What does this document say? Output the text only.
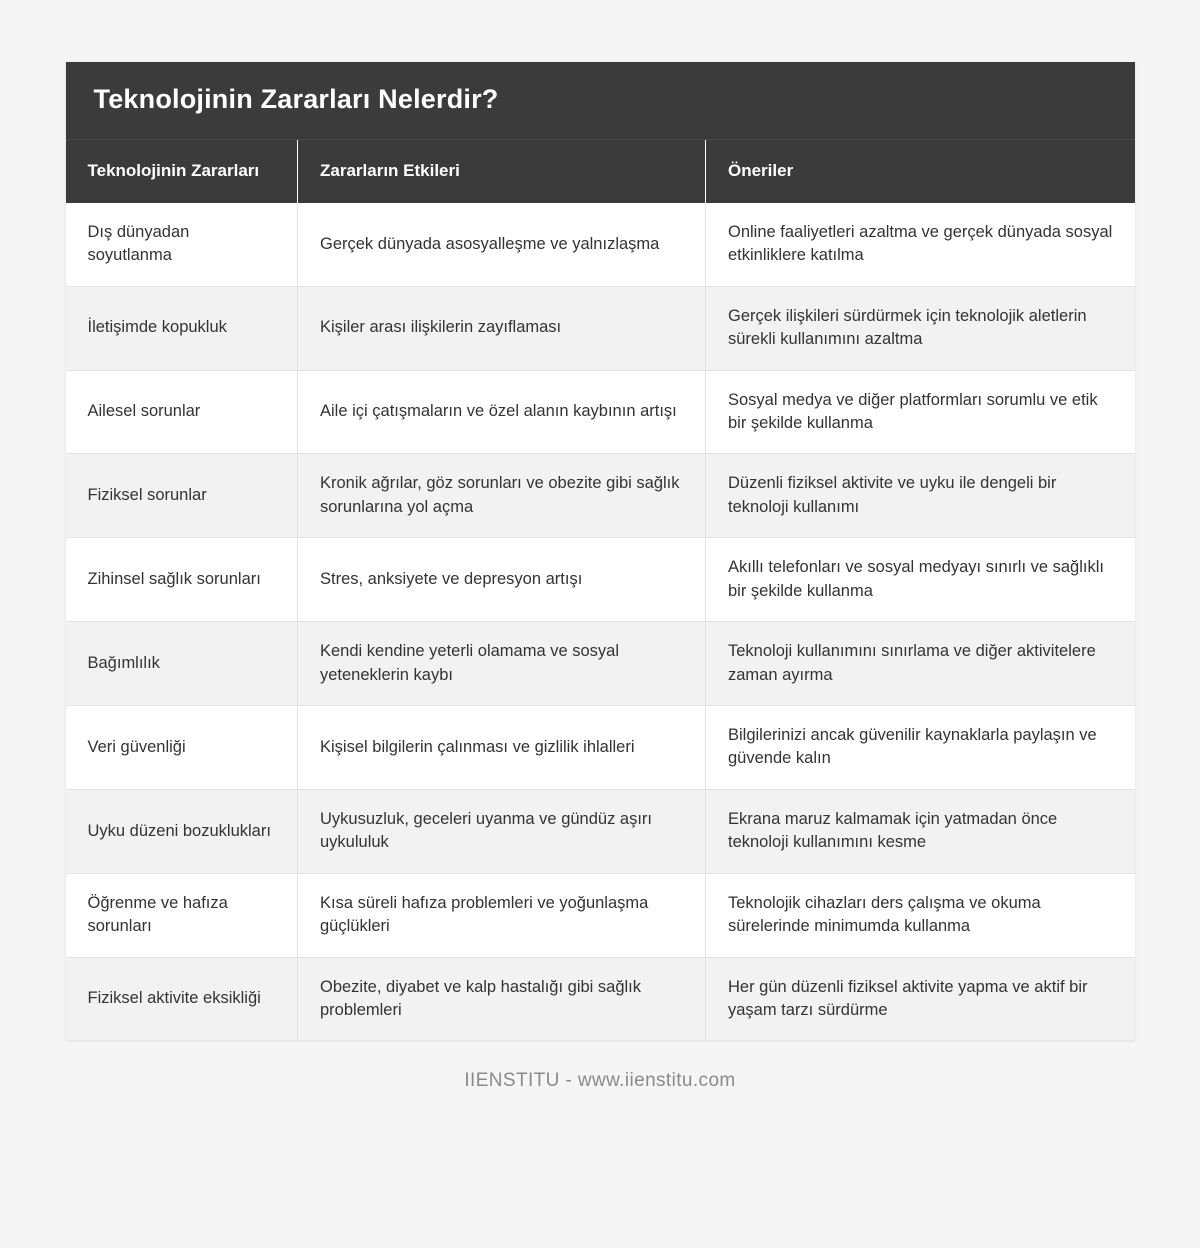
Teknolojinin Zararları Nelerdir?
Teknolojinin Zararları	Zararların Etkileri	Öneriler
Dış dünyadan soyutlanma	Gerçek dünyada asosyalleşme ve yalnızlaşma	Online faaliyetleri azaltma ve gerçek dünyada sosyal etkinliklere katılma
İletişimde kopukluk	Kişiler arası ilişkilerin zayıflaması	Gerçek ilişkileri sürdürmek için teknolojik aletlerin sürekli kullanımını azaltma
Ailesel sorunlar	Aile içi çatışmaların ve özel alanın kaybının artışı	Sosyal medya ve diğer platformları sorumlu ve etik bir şekilde kullanma
Fiziksel sorunlar	Kronik ağrılar, göz sorunları ve obezite gibi sağlık sorunlarına yol açma	Düzenli fiziksel aktivite ve uyku ile dengeli bir teknoloji kullanımı
Zihinsel sağlık sorunları	Stres, anksiyete ve depresyon artışı	Akıllı telefonları ve sosyal medyayı sınırlı ve sağlıklı bir şekilde kullanma
Bağımlılık	Kendi kendine yeterli olamama ve sosyal yeteneklerin kaybı	Teknoloji kullanımını sınırlama ve diğer aktivitelere zaman ayırma
Veri güvenliği	Kişisel bilgilerin çalınması ve gizlilik ihlalleri	Bilgilerinizi ancak güvenilir kaynaklarla paylaşın ve güvende kalın
Uyku düzeni bozuklukları	Uykusuzluk, geceleri uyanma ve gündüz aşırı uykululuk	Ekrana maruz kalmamak için yatmadan önce teknoloji kullanımını kesme
Öğrenme ve hafıza sorunları	Kısa süreli hafıza problemleri ve yoğunlaşma güçlükleri	Teknolojik cihazları ders çalışma ve okuma sürelerinde minimumda kullanma
Fiziksel aktivite eksikliği	Obezite, diyabet ve kalp hastalığı gibi sağlık problemleri	Her gün düzenli fiziksel aktivite yapma ve aktif bir yaşam tarzı sürdürme
IIENSTITU - www.iienstitu.com
